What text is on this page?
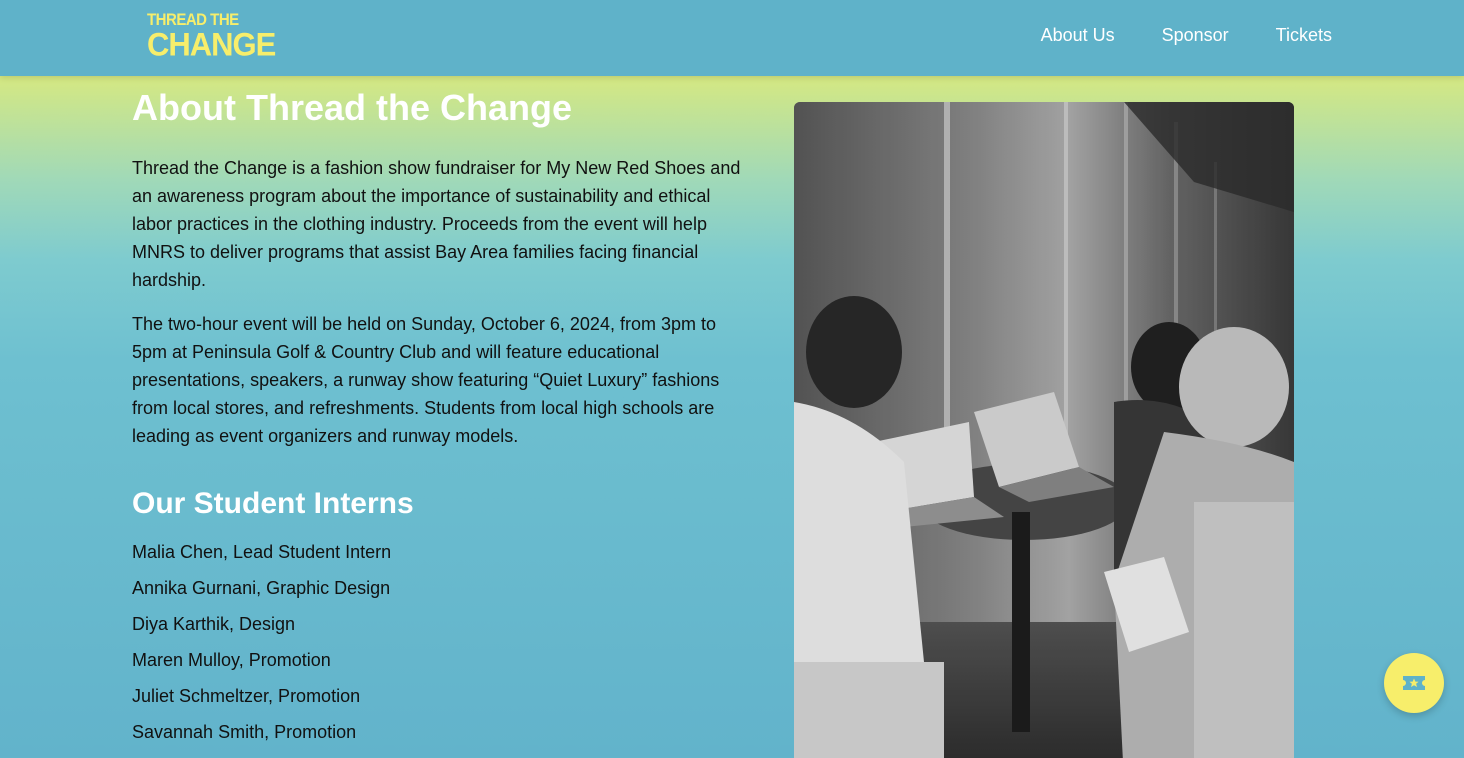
THREAD THE
CHANGE	About Us	Sponsor	Tickets
About Thread the Change

Thread the Change is a fashion show fundraiser for My New Red Shoes and an awareness program about the importance of sustainability and ethical labor practices in the clothing industry. Proceeds from the event will help MNRS to deliver programs that assist Bay Area families facing financial hardship.

The two-hour event will be held on Sunday, October 6, 2024, from 3pm to 5pm at Peninsula Golf & Country Club and will feature educational presentations, speakers, a runway show featuring “Quiet Luxury” fashions from local stores, and refreshments. Students from local high schools are leading as event organizers and runway models.

Our Student Interns
Malia Chen, Lead Student Intern
Annika Gurnani, Graphic Design
Diya Karthik, Design
Maren Mulloy, Promotion
Juliet Schmeltzer, Promotion
Savannah Smith, Promotion
